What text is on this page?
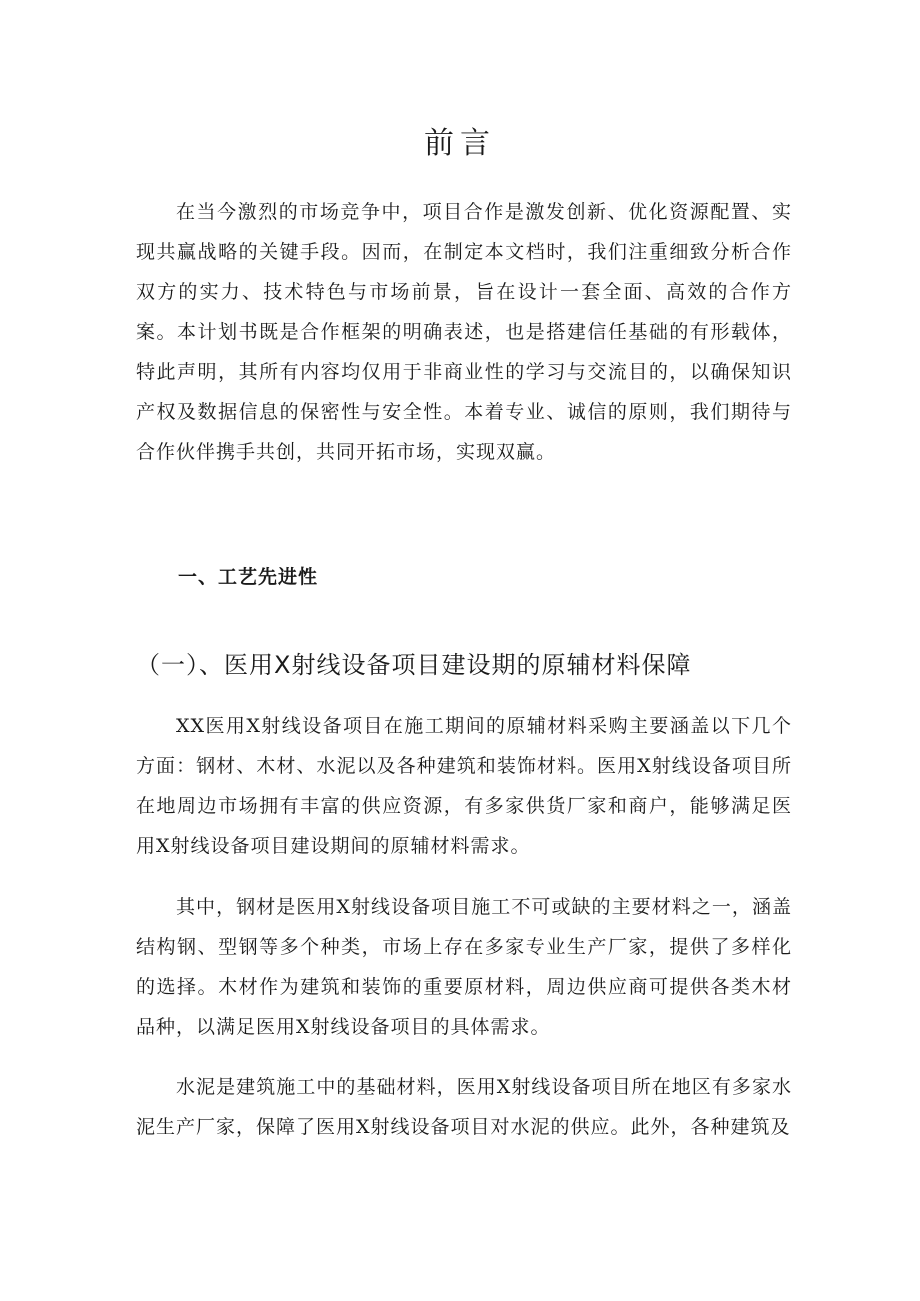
前言

在当今激烈的市场竞争中，项目合作是激发创新、优化资源配置、实现共赢战略的关键手段。因而，在制定本文档时，我们注重细致分析合作双方的实力、技术特色与市场前景，旨在设计一套全面、高效的合作方案。本计划书既是合作框架的明确表述，也是搭建信任基础的有形载体，特此声明，其所有内容均仅用于非商业性的学习与交流目的，以确保知识产权及数据信息的保密性与安全性。本着专业、诚信的原则，我们期待与合作伙伴携手共创，共同开拓市场，实现双赢。

一、工艺先进性
（一）、医用X射线设备项目建设期的原辅材料保障

XX医用X射线设备项目在施工期间的原辅材料采购主要涵盖以下几个方面：钢材、木材、水泥以及各种建筑和装饰材料。医用X射线设备项目所在地周边市场拥有丰富的供应资源，有多家供货厂家和商户，能够满足医用X射线设备项目建设期间的原辅材料需求。

其中，钢材是医用X射线设备项目施工不可或缺的主要材料之一，涵盖结构钢、型钢等多个种类，市场上存在多家专业生产厂家，提供了多样化的选择。木材作为建筑和装饰的重要原材料，周边供应商可提供各类木材品种，以满足医用X射线设备项目的具体需求。

水泥是建筑施工中的基础材料，医用X射线设备项目所在地区有多家水泥生产厂家，保障了医用X射线设备项目对水泥的供应。此外，各种建筑及
